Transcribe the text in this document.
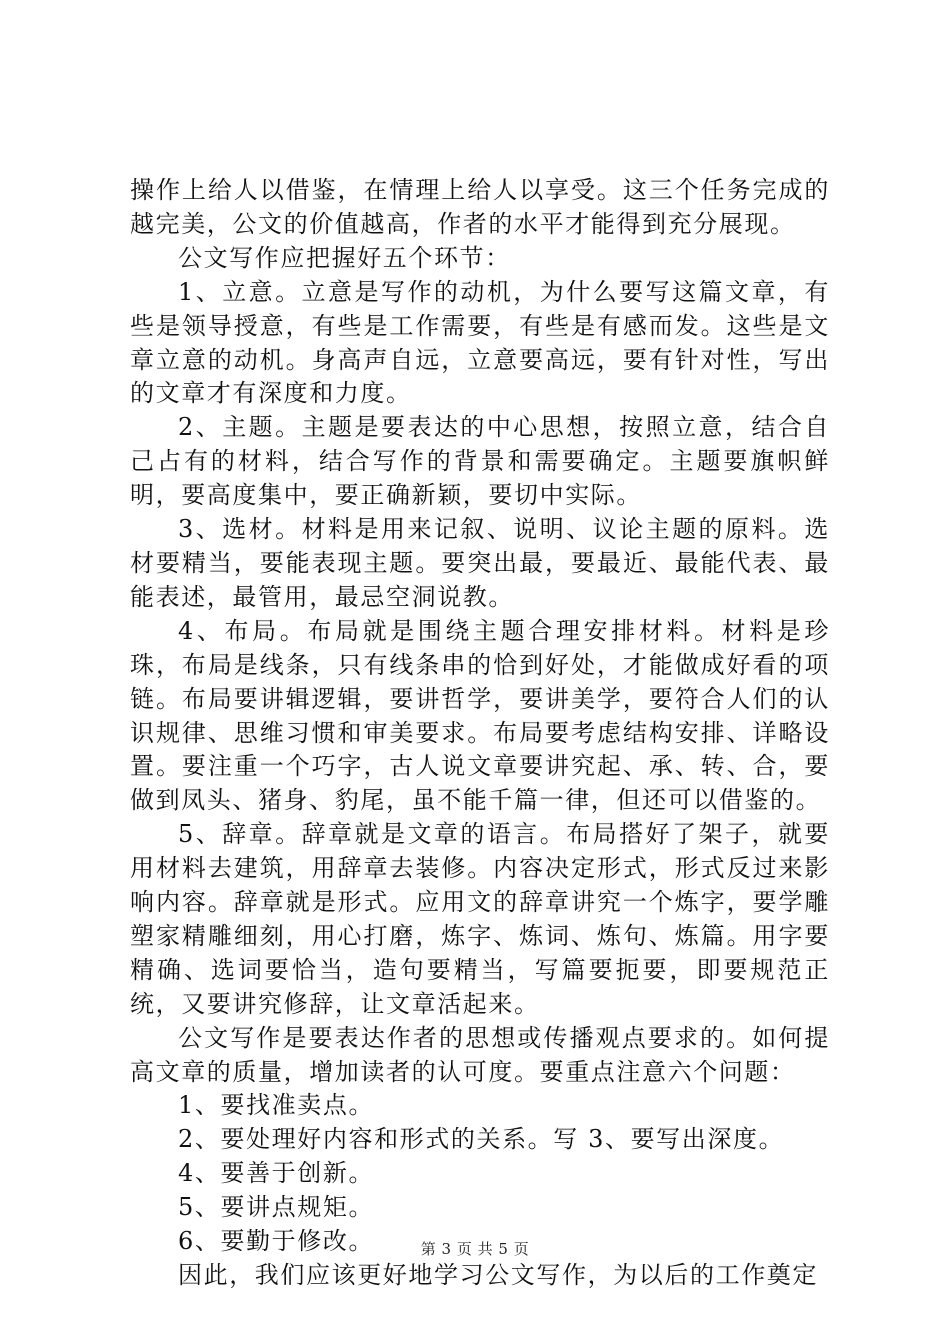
操作上给人以借鉴，在情理上给人以享受。这三个任务完成的越完美，公文的价值越高，作者的水平才能得到充分展现。

公文写作应把握好五个环节：

1、立意。立意是写作的动机，为什么要写这篇文章，有些是领导授意，有些是工作需要，有些是有感而发。这些是文章立意的动机。身高声自远，立意要高远，要有针对性，写出的文章才有深度和力度。

2、主题。主题是要表达的中心思想，按照立意，结合自己占有的材料，结合写作的背景和需要确定。主题要旗帜鲜明，要高度集中，要正确新颖，要切中实际。

3、选材。材料是用来记叙、说明、议论主题的原料。选材要精当，要能表现主题。要突出最，要最近、最能代表、最能表述，最管用，最忌空洞说教。

4、布局。布局就是围绕主题合理安排材料。材料是珍珠，布局是线条，只有线条串的恰到好处，才能做成好看的项链。布局要讲辑逻辑，要讲哲学，要讲美学，要符合人们的认识规律、思维习惯和审美要求。布局要考虑结构安排、详略设置。要注重一个巧字，古人说文章要讲究起、承、转、合，要做到凤头、猪身、豹尾，虽不能千篇一律，但还可以借鉴的。

5、辞章。辞章就是文章的语言。布局搭好了架子，就要用材料去建筑，用辞章去装修。内容决定形式，形式反过来影响内容。辞章就是形式。应用文的辞章讲究一个炼字，要学雕塑家精雕细刻，用心打磨，炼字、炼词、炼句、炼篇。用字要精确、选词要恰当，造句要精当，写篇要扼要，即要规范正统，又要讲究修辞，让文章活起来。

公文写作是要表达作者的思想或传播观点要求的。如何提高文章的质量，增加读者的认可度。要重点注意六个问题：

1、要找准卖点。

2、要处理好内容和形式的关系。写 3、要写出深度。

4、要善于创新。

5、要讲点规矩。

6、要勤于修改。

因此，我们应该更好地学习公文写作，为以后的工作奠定

第 3 页 共 5 页
